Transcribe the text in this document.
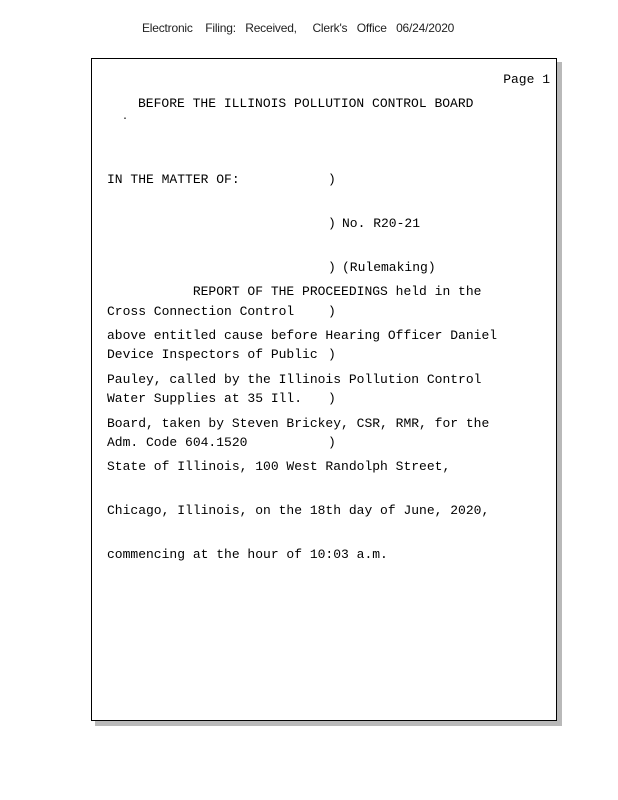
Electronic    Filing:   Received,     Clerk's   Office   06/24/2020
Page 1
BEFORE THE ILLINOIS POLLUTION CONTROL BOARD
.

IN THE MATTER OF:	)

) No. R20-21

) (Rulemaking)

Cross Connection Control	)

Device Inspectors of Public )

Water Supplies at 35 Ill. )

Adm. Code 604.1520	)

REPORT OF THE PROCEEDINGS held in the

above entitled cause before Hearing Officer Daniel

Pauley, called by the Illinois Pollution Control

Board, taken by Steven Brickey, CSR, RMR, for the

State of Illinois, 100 West Randolph Street,

Chicago, Illinois, on the 18th day of June, 2020,

commencing at the hour of 10:03 a.m.
